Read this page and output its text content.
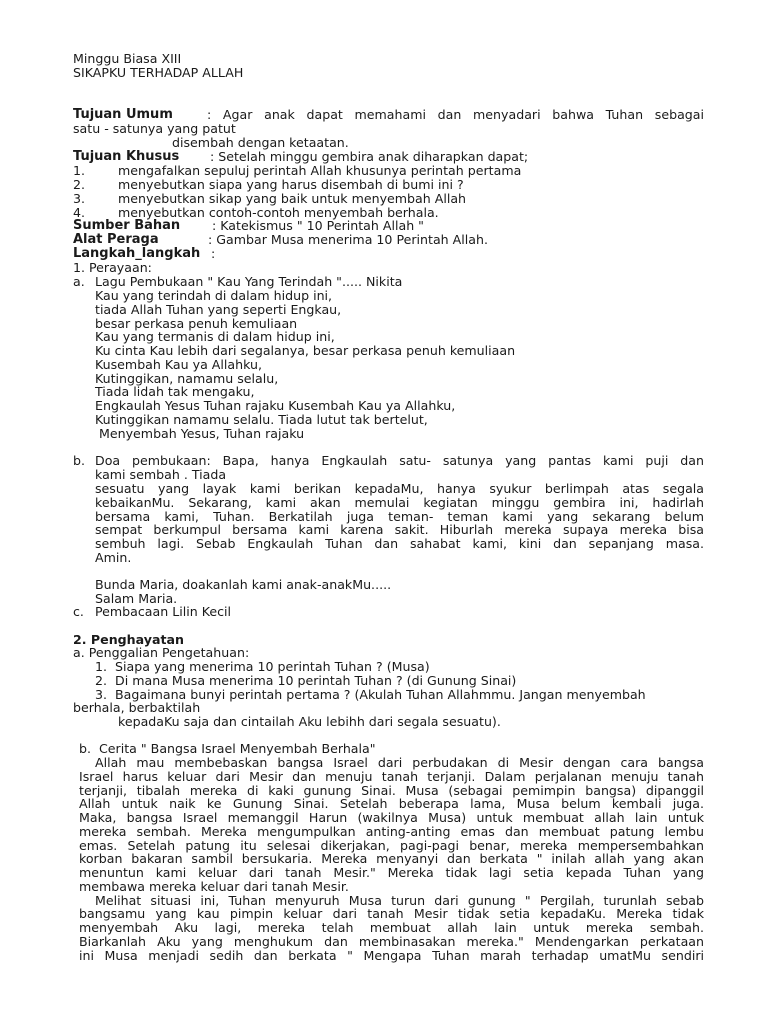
Minggu Biasa XIII
SIKAPKU TERHADAP ALLAH
Tujuan Umum	: Agar anak dapat memahami dan menyadari bahwa Tuhan sebagai
satu - satunya yang patut
disembah dengan ketaatan.
Tujuan Khusus : Setelah minggu gembira anak diharapkan dapat;
1.	mengafalkan sepuluj perintah Allah khusunya perintah pertama
2.	menyebutkan siapa yang harus disembah di bumi ini ?
3.	menyebutkan sikap yang baik untuk menyembah Allah
4.	menyebutkan contoh-contoh menyembah berhala.
Sumber Bahan	: Katekismus " 10 Perintah Allah "
Alat Peraga	: Gambar Musa menerima 10 Perintah Allah.
Langkah_langkah :
1. Perayaan:
a. Lagu Pembukaan " Kau Yang Terindah "..... Nikita
Kau yang terindah di dalam hidup ini,
tiada Allah Tuhan yang seperti Engkau,
besar perkasa penuh kemuliaan
Kau yang termanis di dalam hidup ini,
Ku cinta Kau lebih dari segalanya, besar perkasa penuh kemuliaan
Kusembah Kau ya Allahku,
Kutinggikan, namamu selalu,
Tiada lidah tak mengaku,
Engkaulah Yesus Tuhan rajaku Kusembah Kau ya Allahku,
Kutinggikan namamu selalu. Tiada lutut tak bertelut,
Menyembah Yesus, Tuhan rajaku
b. Doa pembukaan: Bapa, hanya Engkaulah satu- satunya yang pantas kami puji dan
kami sembah . Tiada
sesuatu yang layak kami berikan kepadaMu, hanya syukur berlimpah atas segala
kebaikanMu. Sekarang, kami akan memulai kegiatan minggu gembira ini, hadirlah
bersama kami, Tuhan. Berkatilah juga teman- teman kami yang sekarang belum
sempat berkumpul bersama kami karena sakit. Hiburlah mereka supaya mereka bisa
sembuh lagi. Sebab Engkaulah Tuhan dan sahabat kami, kini dan sepanjang masa.
Amin.
Bunda Maria, doakanlah kami anak-anakMu.....
Salam Maria.
c. Pembacaan Lilin Kecil
2. Penghayatan
a. Penggalian Pengetahuan:
1.  Siapa yang menerima 10 perintah Tuhan ? (Musa)
2.  Di mana Musa menerima 10 perintah Tuhan ? (di Gunung Sinai)
3.  Bagaimana bunyi perintah pertama ? (Akulah Tuhan Allahmmu. Jangan menyembah
berhala, berbaktilah
kepadaKu saja dan cintailah Aku lebihh dari segala sesuatu).
b.  Cerita " Bangsa Israel Menyembah Berhala"
Allah mau membebaskan bangsa Israel dari perbudakan di Mesir dengan cara bangsa
Israel harus keluar dari Mesir dan menuju tanah terjanji. Dalam perjalanan menuju tanah
terjanji, tibalah mereka di kaki gunung Sinai. Musa (sebagai pemimpin bangsa) dipanggil
Allah untuk naik ke Gunung Sinai. Setelah beberapa lama, Musa belum kembali juga.
Maka, bangsa Israel memanggil Harun (wakilnya Musa) untuk membuat allah lain untuk
mereka sembah. Mereka mengumpulkan anting-anting emas dan membuat patung lembu
emas. Setelah patung itu selesai dikerjakan, pagi-pagi benar, mereka mempersembahkan
korban bakaran sambil bersukaria. Mereka menyanyi dan berkata " inilah allah yang akan
menuntun kami keluar dari tanah Mesir." Mereka tidak lagi setia kepada Tuhan yang
membawa mereka keluar dari tanah Mesir.
Melihat situasi ini, Tuhan menyuruh Musa turun dari gunung " Pergilah, turunlah sebab
bangsamu yang kau pimpin keluar dari tanah Mesir tidak setia kepadaKu. Mereka tidak
menyembah Aku lagi, mereka telah membuat allah lain untuk mereka sembah.
Biarkanlah Aku yang menghukum dan membinasakan mereka." Mendengarkan perkataan
ini Musa menjadi sedih dan berkata " Mengapa Tuhan marah terhadap umatMu sendiri
